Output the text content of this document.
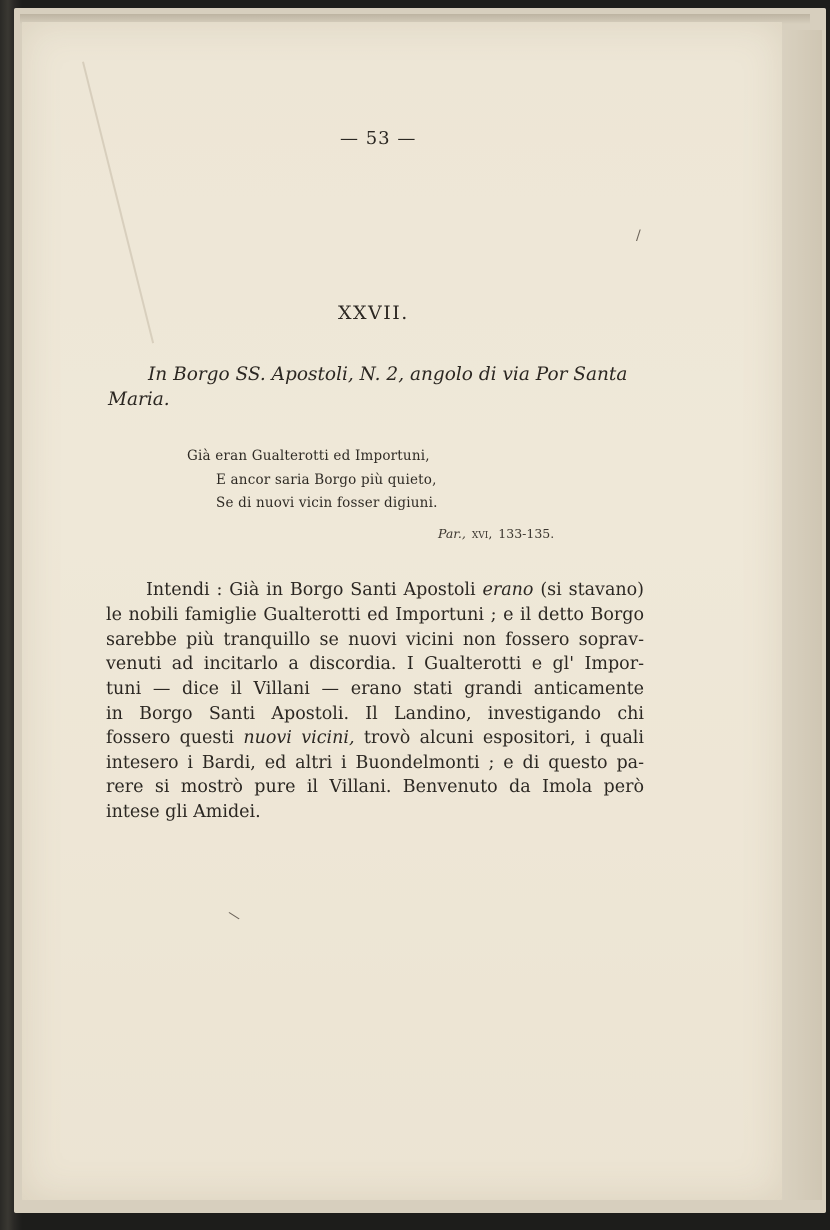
— 53 —
XXVII.
In Borgo SS. Apostoli, N. 2, angolo di via Por Santa
Maria.
Già eran Gualterotti ed Importuni,
E ancor saria Borgo più quieto,
Se di nuovi vicin fosser digiuni.
Par., xvi, 133-135.
Intendi : Già in Borgo Santi Apostoli erano (si stavano)
le nobili famiglie Gualterotti ed Importuni ; e il detto Borgo
sarebbe più tranquillo se nuovi vicini non fossero soprav-
venuti ad incitarlo a discordia. I Gualterotti e gl' Impor-
tuni — dice il Villani — erano stati grandi anticamente
in Borgo Santi Apostoli. Il Landino, investigando chi
fossero questi nuovi vicini, trovò alcuni espositori, i quali
intesero i Bardi, ed altri i Buondelmonti ; e di questo pa-
rere si mostrò pure il Villani. Benvenuto da Imola però
intese gli Amidei.
/
\
